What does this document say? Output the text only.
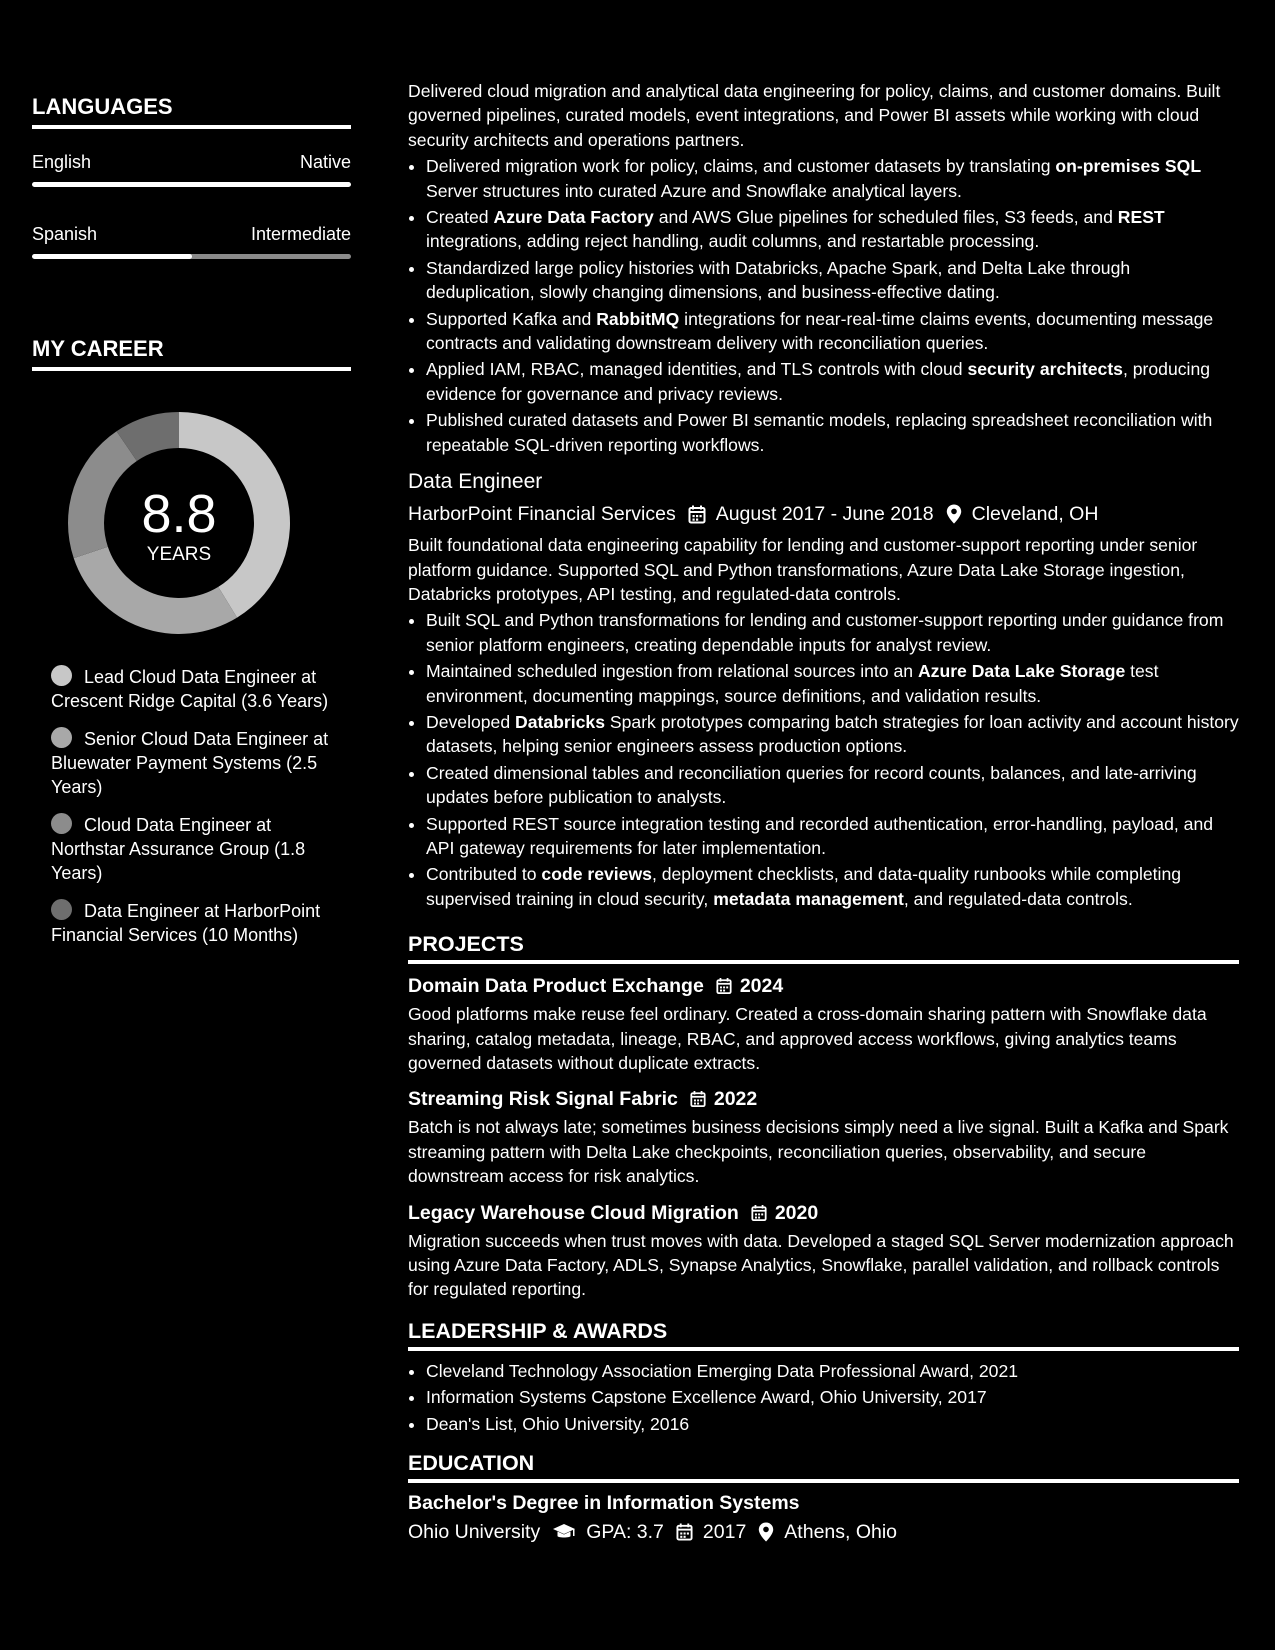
LANGUAGES
English	Native
Spanish	Intermediate
MY CAREER
8.8
YEARS
Lead Cloud Data Engineer at Crescent Ridge Capital (3.6 Years)
Senior Cloud Data Engineer at Bluewater Payment Systems (2.5 Years)
Cloud Data Engineer at Northstar Assurance Group (1.8 Years)
Data Engineer at HarborPoint Financial Services (10 Months)

Delivered cloud migration and analytical data engineering for policy, claims, and customer domains. Built governed pipelines, curated models, event integrations, and Power BI assets while working with cloud security architects and operations partners.

• Delivered migration work for policy, claims, and customer datasets by translating on-premises SQL Server structures into curated Azure and Snowflake analytical layers.
• Created Azure Data Factory and AWS Glue pipelines for scheduled files, S3 feeds, and REST integrations, adding reject handling, audit columns, and restartable processing.
• Standardized large policy histories with Databricks, Apache Spark, and Delta Lake through deduplication, slowly changing dimensions, and business-effective dating.
• Supported Kafka and RabbitMQ integrations for near-real-time claims events, documenting message contracts and validating downstream delivery with reconciliation queries.
• Applied IAM, RBAC, managed identities, and TLS controls with cloud security architects, producing evidence for governance and privacy reviews.
• Published curated datasets and Power BI semantic models, replacing spreadsheet reconciliation with repeatable SQL-driven reporting workflows.
Data Engineer
HarborPoint Financial Services August 2017 - June 2018 Cleveland, OH

Built foundational data engineering capability for lending and customer-support reporting under senior platform guidance. Supported SQL and Python transformations, Azure Data Lake Storage ingestion, Databricks prototypes, API testing, and regulated-data controls.

• Built SQL and Python transformations for lending and customer-support reporting under guidance from senior platform engineers, creating dependable inputs for analyst review.
• Maintained scheduled ingestion from relational sources into an Azure Data Lake Storage test environment, documenting mappings, source definitions, and validation results.
• Developed Databricks Spark prototypes comparing batch strategies for loan activity and account history datasets, helping senior engineers assess production options.
• Created dimensional tables and reconciliation queries for record counts, balances, and late-arriving updates before publication to analysts.
• Supported REST source integration testing and recorded authentication, error-handling, payload, and API gateway requirements for later implementation.
• Contributed to code reviews, deployment checklists, and data-quality runbooks while completing supervised training in cloud security, metadata management, and regulated-data controls.
PROJECTS
Domain Data Product Exchange 2024

Good platforms make reuse feel ordinary. Created a cross-domain sharing pattern with Snowflake data sharing, catalog metadata, lineage, RBAC, and approved access workflows, giving analytics teams governed datasets without duplicate extracts.

Streaming Risk Signal Fabric 2022

Batch is not always late; sometimes business decisions simply need a live signal. Built a Kafka and Spark streaming pattern with Delta Lake checkpoints, reconciliation queries, observability, and secure downstream access for risk analytics.

Legacy Warehouse Cloud Migration 2020

Migration succeeds when trust moves with data. Developed a staged SQL Server modernization approach using Azure Data Factory, ADLS, Synapse Analytics, Snowflake, parallel validation, and rollback controls for regulated reporting.

LEADERSHIP & AWARDS
• Cleveland Technology Association Emerging Data Professional Award, 2021
• Information Systems Capstone Excellence Award, Ohio University, 2017
• Dean's List, Ohio University, 2016
EDUCATION
Bachelor's Degree in Information Systems
Ohio University GPA: 3.7 2017 Athens, Ohio
